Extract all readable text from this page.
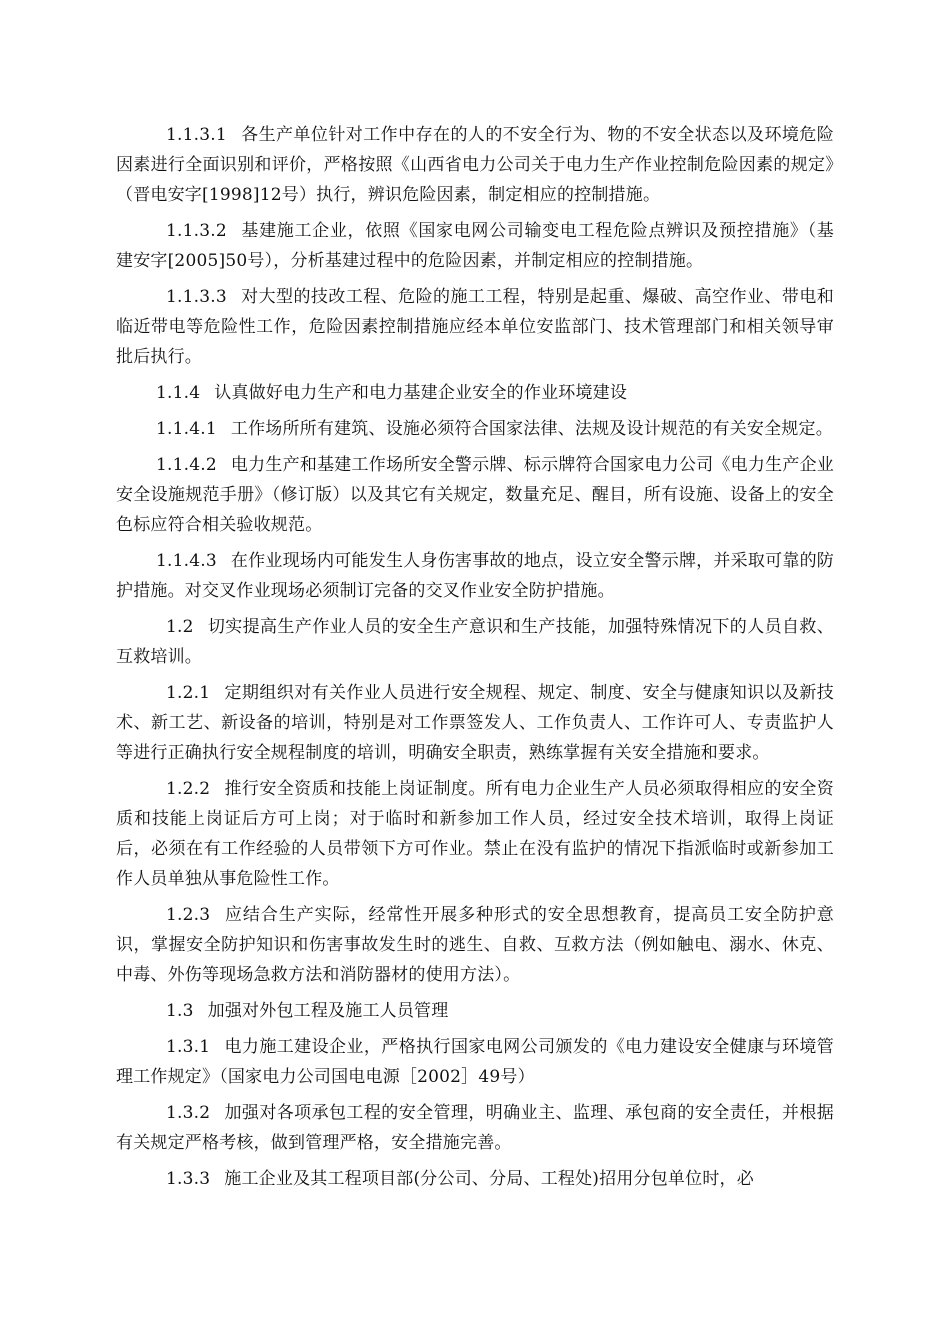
1.1.3.1 各生产单位针对工作中存在的人的不安全行为、物的不安全状态以及环境危险因素进行全面识别和评价，严格按照《山西省电力公司关于电力生产作业控制危险因素的规定》（晋电安字[1998]12号）执行，辨识危险因素，制定相应的控制措施。

1.1.3.2 基建施工企业，依照《国家电网公司输变电工程危险点辨识及预控措施》（基建安字[2005]50号），分析基建过程中的危险因素，并制定相应的控制措施。

1.1.3.3 对大型的技改工程、危险的施工工程，特别是起重、爆破、高空作业、带电和临近带电等危险性工作，危险因素控制措施应经本单位安监部门、技术管理部门和相关领导审批后执行。

1.1.4 认真做好电力生产和电力基建企业安全的作业环境建设

1.1.4.1 工作场所所有建筑、设施必须符合国家法律、法规及设计规范的有关安全规定。

1.1.4.2 电力生产和基建工作场所安全警示牌、标示牌符合国家电力公司《电力生产企业安全设施规范手册》（修订版）以及其它有关规定，数量充足、醒目，所有设施、设备上的安全色标应符合相关验收规范。

1.1.4.3 在作业现场内可能发生人身伤害事故的地点，设立安全警示牌，并采取可靠的防护措施。对交叉作业现场必须制订完备的交叉作业安全防护措施。

1.2 切实提高生产作业人员的安全生产意识和生产技能，加强特殊情况下的人员自救、互救培训。

1.2.1 定期组织对有关作业人员进行安全规程、规定、制度、安全与健康知识以及新技术、新工艺、新设备的培训，特别是对工作票签发人、工作负责人、工作许可人、专责监护人等进行正确执行安全规程制度的培训，明确安全职责，熟练掌握有关安全措施和要求。

1.2.2 推行安全资质和技能上岗证制度。所有电力企业生产人员必须取得相应的安全资质和技能上岗证后方可上岗；对于临时和新参加工作人员，经过安全技术培训，取得上岗证后，必须在有工作经验的人员带领下方可作业。禁止在没有监护的情况下指派临时或新参加工作人员单独从事危险性工作。

1.2.3 应结合生产实际，经常性开展多种形式的安全思想教育，提高员工安全防护意识，掌握安全防护知识和伤害事故发生时的逃生、自救、互救方法（例如触电、溺水、休克、中毒、外伤等现场急救方法和消防器材的使用方法）。

1.3 加强对外包工程及施工人员管理

1.3.1 电力施工建设企业，严格执行国家电网公司颁发的《电力建设安全健康与环境管理工作规定》（国家电力公司国电电源［2002］49号）

1.3.2 加强对各项承包工程的安全管理，明确业主、监理、承包商的安全责任，并根据有关规定严格考核，做到管理严格，安全措施完善。

1.3.3 施工企业及其工程项目部(分公司、分局、工程处)招用分包单位时，必
